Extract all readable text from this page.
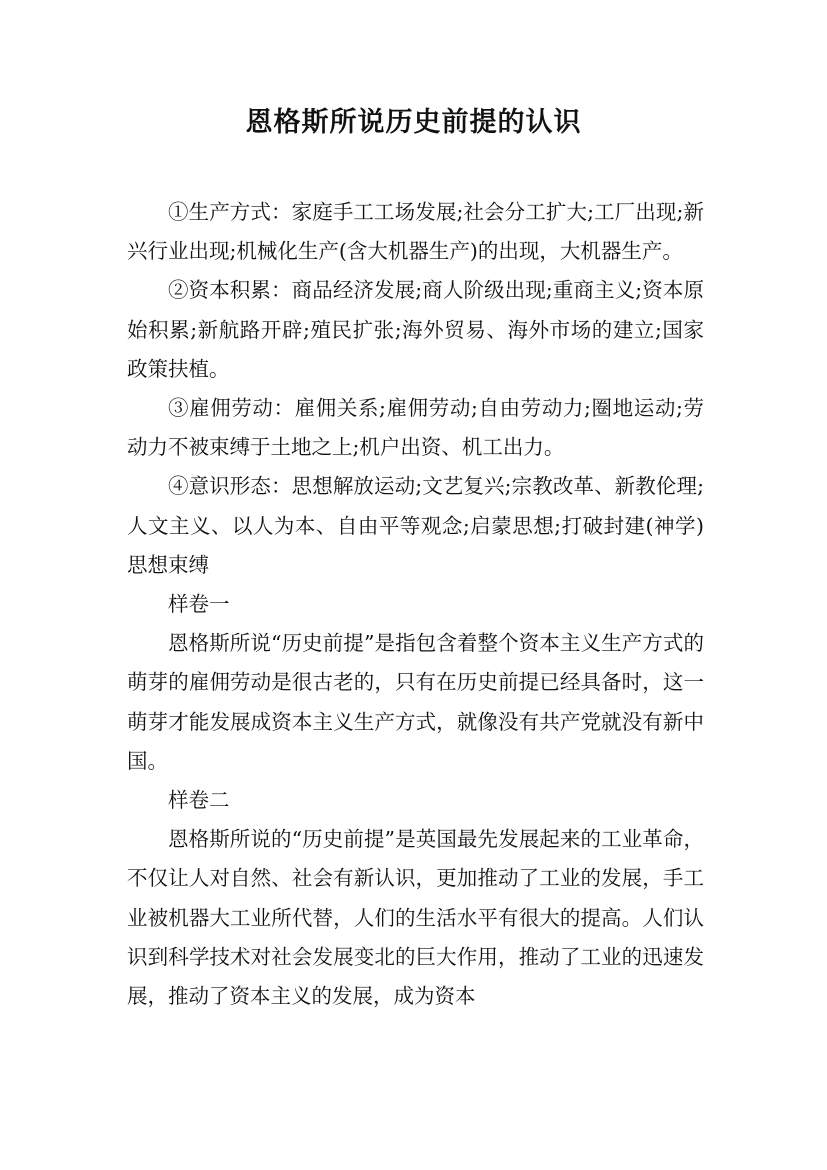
恩格斯所说历史前提的认识

①生产方式：家庭手工工场发展;社会分工扩大;工厂出现;新兴行业出现;机械化生产(含大机器生产)的出现，大机器生产。

②资本积累：商品经济发展;商人阶级出现;重商主义;资本原始积累;新航路开辟;殖民扩张;海外贸易、海外市场的建立;国家政策扶植。

③雇佣劳动：雇佣关系;雇佣劳动;自由劳动力;圈地运动;劳动力不被束缚于土地之上;机户出资、机工出力。

④意识形态：思想解放运动;文艺复兴;宗教改革、新教伦理;人文主义、以人为本、自由平等观念;启蒙思想;打破封建(神学)思想束缚

样卷一

恩格斯所说“历史前提”是指包含着整个资本主义生产方式的萌芽的雇佣劳动是很古老的，只有在历史前提已经具备时，这一萌芽才能发展成资本主义生产方式，就像没有共产党就没有新中国。

样卷二

恩格斯所说的“历史前提”是英国最先发展起来的工业革命，不仅让人对自然、社会有新认识，更加推动了工业的发展，手工业被机器大工业所代替，人们的生活水平有很大的提高。人们认识到科学技术对社会发展变北的巨大作用，推动了工业的迅速发展，推动了资本主义的发展，成为资本
